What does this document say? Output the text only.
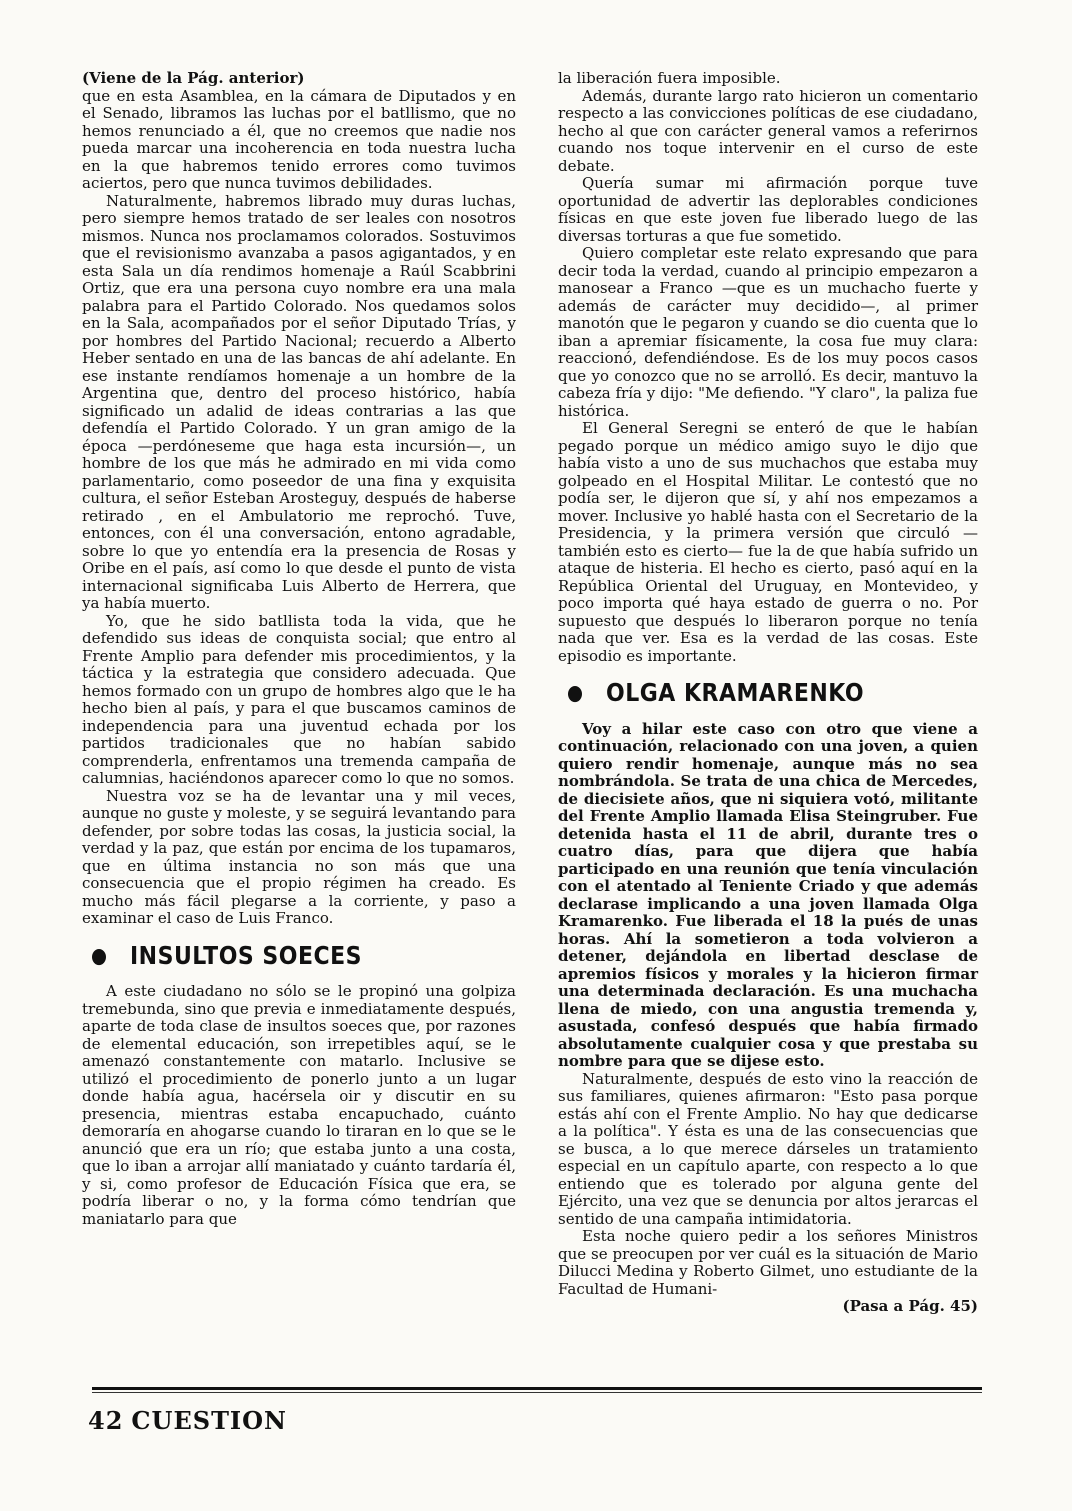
(Viene de la Pág. anterior)

que en esta Asamblea, en la cámara de Diputados y en el Senado, libramos las luchas por el batllismo, que no hemos renunciado a él, que no creemos que nadie nos pueda marcar una incoherencia en toda nuestra lucha en la que habremos tenido errores como tuvimos aciertos, pero que nunca tuvimos debilidades.

Naturalmente, habremos librado muy duras luchas, pero siempre hemos tratado de ser leales con nosotros mismos. Nunca nos proclamamos colorados. Sostuvimos que el revisionismo avanzaba a pasos agigantados, y en esta Sala un día rendimos homenaje a Raúl Scabbrini Ortiz, que era una persona cuyo nombre era una mala palabra para el Partido Colorado. Nos quedamos solos en la Sala, acompañados por el señor Diputado Trías, y por hombres del Partido Nacional; recuerdo a Alberto Heber sentado en una de las bancas de ahí adelante. En ese instante rendíamos homenaje a un hombre de la Argentina que, dentro del proceso histórico, había significado un adalid de ideas contrarias a las que defendía el Partido Colorado. Y un gran amigo de la época —perdóneseme que haga esta incursión—, un hombre de los que más he admirado en mi vida como parlamentario, como poseedor de una fina y exquisita cultura, el señor Esteban Arosteguy, después de haberse retirado , en el Ambulatorio me reprochó. Tuve, entonces, con él una conversación, entono agradable, sobre lo que yo entendía era la presencia de Rosas y Oribe en el país, así como lo que desde el punto de vista internacional significaba Luis Alberto de Herrera, que ya había muerto.

Yo, que he sido batllista toda la vida, que he defendido sus ideas de conquista social; que entro al Frente Amplio para defender mis procedimientos, y la táctica y la estrategia que considero adecuada. Que hemos formado con un grupo de hombres algo que le ha hecho bien al país, y para el que buscamos caminos de independencia para una juventud echada por los partidos tradicionales que no habían sabido comprenderla, enfrentamos una tremenda campaña de calumnias, haciéndonos aparecer como lo que no somos.

Nuestra voz se ha de levantar una y mil veces, aunque no guste y moleste, y se seguirá levantando para defender, por sobre todas las cosas, la justicia social, la verdad y la paz, que están por encima de los tupamaros, que en última instancia no son más que una consecuencia que el propio régimen ha creado. Es mucho más fácil plegarse a la corriente, y paso a examinar el caso de Luis Franco.

INSULTOS SOECES

A este ciudadano no sólo se le propinó una golpiza tremebunda, sino que previa e inmediatamente después, aparte de toda clase de insultos soeces que, por razones de elemental educación, son irrepetibles aquí, se le amenazó constantemente con matarlo. Inclusive se utilizó el procedimiento de ponerlo junto a un lugar donde había agua, hacérsela oir y discutir en su presencia, mientras estaba encapuchado, cuánto demoraría en ahogarse cuando lo tiraran en lo que se le anunció que era un río; que estaba junto a una costa, que lo iban a arrojar allí maniatado y cuánto tardaría él, y si, como profesor de Educación Física que era, se podría liberar o no, y la forma cómo tendrían que maniatarlo para que

la liberación fuera imposible.

Además, durante largo rato hicieron un comentario respecto a las convicciones políticas de ese ciudadano, hecho al que con carácter general vamos a referirnos cuando nos toque intervenir en el curso de este debate.

Quería sumar mi afirmación porque tuve oportunidad de advertir las deplorables condiciones físicas en que este joven fue liberado luego de las diversas torturas a que fue sometido.

Quiero completar este relato expresando que para decir toda la verdad, cuando al principio empezaron a manosear a Franco —que es un muchacho fuerte y además de carácter muy decidido—, al primer manotón que le pegaron y cuando se dio cuenta que lo iban a apremiar físicamente, la cosa fue muy clara: reaccionó, defendiéndose. Es de los muy pocos casos que yo conozco que no se arrolló. Es decir, mantuvo la cabeza fría y dijo: "Me defiendo. "Y claro", la paliza fue histórica.

El General Seregni se enteró de que le habían pegado porque un médico amigo suyo le dijo que había visto a uno de sus muchachos que estaba muy golpeado en el Hospital Militar. Le contestó que no podía ser, le dijeron que sí, y ahí nos empezamos a mover. Inclusive yo hablé hasta con el Secretario de la Presidencia, y la primera versión que circuló —también esto es cierto— fue la de que había sufrido un ataque de histeria. El hecho es cierto, pasó aquí en la República Oriental del Uruguay, en Montevideo, y poco importa qué haya estado de guerra o no. Por supuesto que después lo liberaron porque no tenía nada que ver. Esa es la verdad de las cosas. Este episodio es importante.

OLGA KRAMARENKO

Voy a hilar este caso con otro que viene a continuación, relacionado con una joven, a quien quiero rendir homenaje, aunque más no sea nombrándola. Se trata de una chica de Mercedes, de diecisiete años, que ni siquiera votó, militante del Frente Amplio llamada Elisa Steingruber. Fue detenida hasta el 11 de abril, durante tres o cuatro días, para que dijera que había participado en una reunión que tenía vinculación con el atentado al Teniente Criado y que además declarase implicando a una joven llamada Olga Kramarenko. Fue liberada el 18 la pués de unas horas. Ahí la sometieron a toda volvieron a detener, dejándola en libertad desclase de apremios físicos y morales y la hicieron firmar una determinada declaración. Es una muchacha llena de miedo, con una angustia tremenda y, asustada, confesó después que había firmado absolutamente cualquier cosa y que prestaba su nombre para que se dijese esto.

Naturalmente, después de esto vino la reacción de sus familiares, quienes afirmaron: "Esto pasa porque estás ahí con el Frente Amplio. No hay que dedicarse a la política". Y ésta es una de las consecuencias que se busca, a lo que merece dárseles un tratamiento especial en un capítulo aparte, con respecto a lo que entiendo que es tolerado por alguna gente del Ejército, una vez que se denuncia por altos jerarcas el sentido de una campaña intimidatoria.

Esta noche quiero pedir a los señores Ministros que se preocupen por ver cuál es la situación de Mario Dilucci Medina y Roberto Gilmet, uno estudiante de la Facultad de Humani-

(Pasa a Pág. 45)

42 CUESTION
